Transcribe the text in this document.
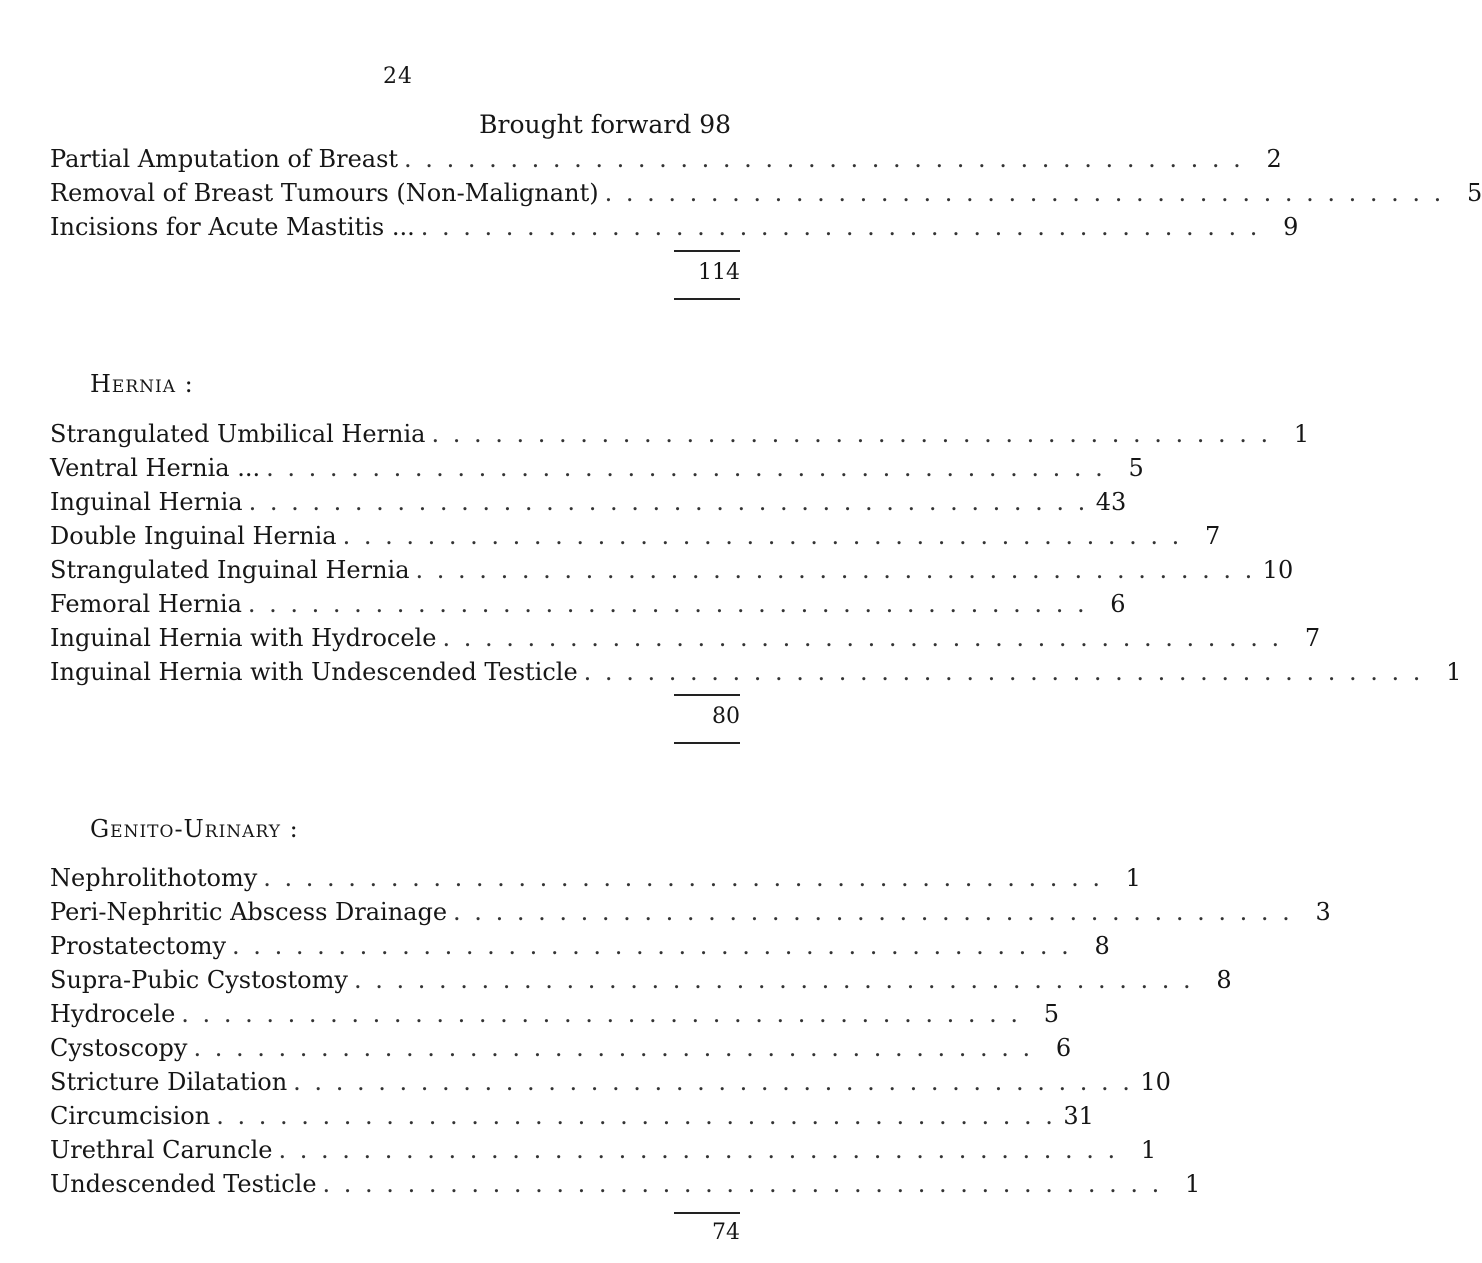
24
Brought forward 98
Partial Amputation of Breast . . . . . . . . . . . . . . . . . . . . . . . . . . . . . . . . . . . . . . . . 2
Removal of Breast Tumours (Non-Malignant) . . . . . . . . . . . . . . . . . . . . . . . . . . . . . . . . . . . . . . . . 5
Incisions for Acute Mastitis ... . . . . . . . . . . . . . . . . . . . . . . . . . . . . . . . . . . . . . . . . 9
114
Hernia :
Strangulated Umbilical Hernia . . . . . . . . . . . . . . . . . . . . . . . . . . . . . . . . . . . . . . . . 1
Ventral Hernia ... . . . . . . . . . . . . . . . . . . . . . . . . . . . . . . . . . . . . . . . . 5
Inguinal Hernia . . . . . . . . . . . . . . . . . . . . . . . . . . . . . . . . . . . . . . . . 43
Double Inguinal Hernia . . . . . . . . . . . . . . . . . . . . . . . . . . . . . . . . . . . . . . . . 7
Strangulated Inguinal Hernia . . . . . . . . . . . . . . . . . . . . . . . . . . . . . . . . . . . . . . . . 10
Femoral Hernia . . . . . . . . . . . . . . . . . . . . . . . . . . . . . . . . . . . . . . . . 6
Inguinal Hernia with Hydrocele . . . . . . . . . . . . . . . . . . . . . . . . . . . . . . . . . . . . . . . . 7
Inguinal Hernia with Undescended Testicle . . . . . . . . . . . . . . . . . . . . . . . . . . . . . . . . . . . . . . . . 1
80
Genito-Urinary :
Nephrolithotomy . . . . . . . . . . . . . . . . . . . . . . . . . . . . . . . . . . . . . . . . 1
Peri-Nephritic Abscess Drainage . . . . . . . . . . . . . . . . . . . . . . . . . . . . . . . . . . . . . . . . 3
Prostatectomy . . . . . . . . . . . . . . . . . . . . . . . . . . . . . . . . . . . . . . . . 8
Supra-Pubic Cystostomy . . . . . . . . . . . . . . . . . . . . . . . . . . . . . . . . . . . . . . . . 8
Hydrocele . . . . . . . . . . . . . . . . . . . . . . . . . . . . . . . . . . . . . . . . 5
Cystoscopy . . . . . . . . . . . . . . . . . . . . . . . . . . . . . . . . . . . . . . . . 6
Stricture Dilatation . . . . . . . . . . . . . . . . . . . . . . . . . . . . . . . . . . . . . . . . 10
Circumcision . . . . . . . . . . . . . . . . . . . . . . . . . . . . . . . . . . . . . . . . 31
Urethral Caruncle . . . . . . . . . . . . . . . . . . . . . . . . . . . . . . . . . . . . . . . . 1
Undescended Testicle . . . . . . . . . . . . . . . . . . . . . . . . . . . . . . . . . . . . . . . . 1
74
